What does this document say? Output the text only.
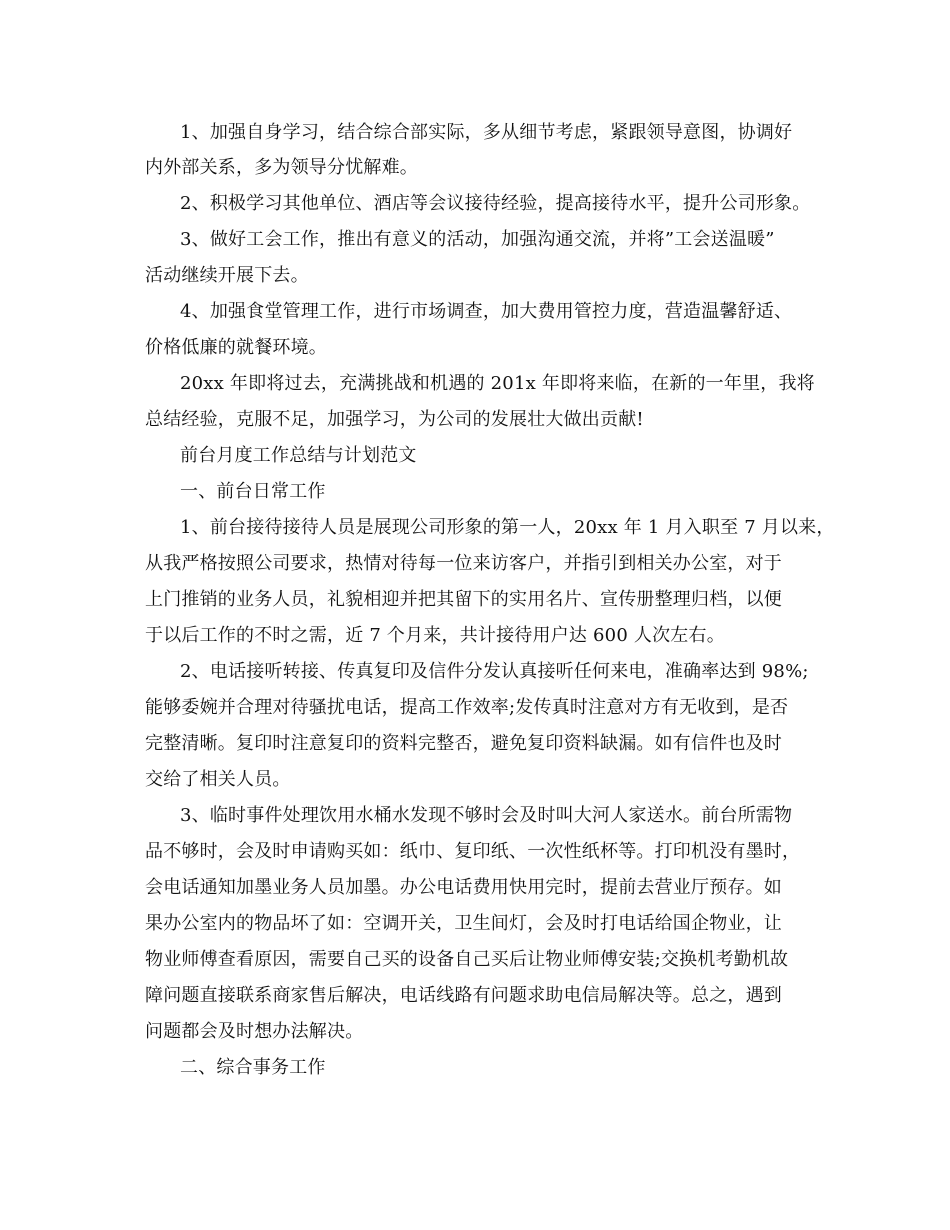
1、加强自身学习，结合综合部实际，多从细节考虑，紧跟领导意图，协调好
内外部关系，多为领导分忧解难。
2、积极学习其他单位、酒店等会议接待经验，提高接待水平，提升公司形象。
3、做好工会工作，推出有意义的活动，加强沟通交流，并将”工会送温暖”
活动继续开展下去。
4、加强食堂管理工作，进行市场调查，加大费用管控力度，营造温馨舒适、
价格低廉的就餐环境。
20xx 年即将过去，充满挑战和机遇的 201x 年即将来临，在新的一年里，我将
总结经验，克服不足，加强学习，为公司的发展壮大做出贡献!
前台月度工作总结与计划范文
一、前台日常工作
1、前台接待接待人员是展现公司形象的第一人，20xx 年 1 月入职至 7 月以来，
从我严格按照公司要求，热情对待每一位来访客户，并指引到相关办公室，对于
上门推销的业务人员，礼貌相迎并把其留下的实用名片、宣传册整理归档，以便
于以后工作的不时之需，近 7 个月来，共计接待用户达 600 人次左右。
2、电话接听转接、传真复印及信件分发认真接听任何来电，准确率达到 98%;
能够委婉并合理对待骚扰电话，提高工作效率;发传真时注意对方有无收到，是否
完整清晰。复印时注意复印的资料完整否，避免复印资料缺漏。如有信件也及时
交给了相关人员。
3、临时事件处理饮用水桶水发现不够时会及时叫大河人家送水。前台所需物
品不够时，会及时申请购买如：纸巾、复印纸、一次性纸杯等。打印机没有墨时，
会电话通知加墨业务人员加墨。办公电话费用快用完时，提前去营业厅预存。如
果办公室内的物品坏了如：空调开关，卫生间灯，会及时打电话给国企物业，让
物业师傅查看原因，需要自己买的设备自己买后让物业师傅安装;交换机考勤机故
障问题直接联系商家售后解决，电话线路有问题求助电信局解决等。总之，遇到
问题都会及时想办法解决。
二、综合事务工作
